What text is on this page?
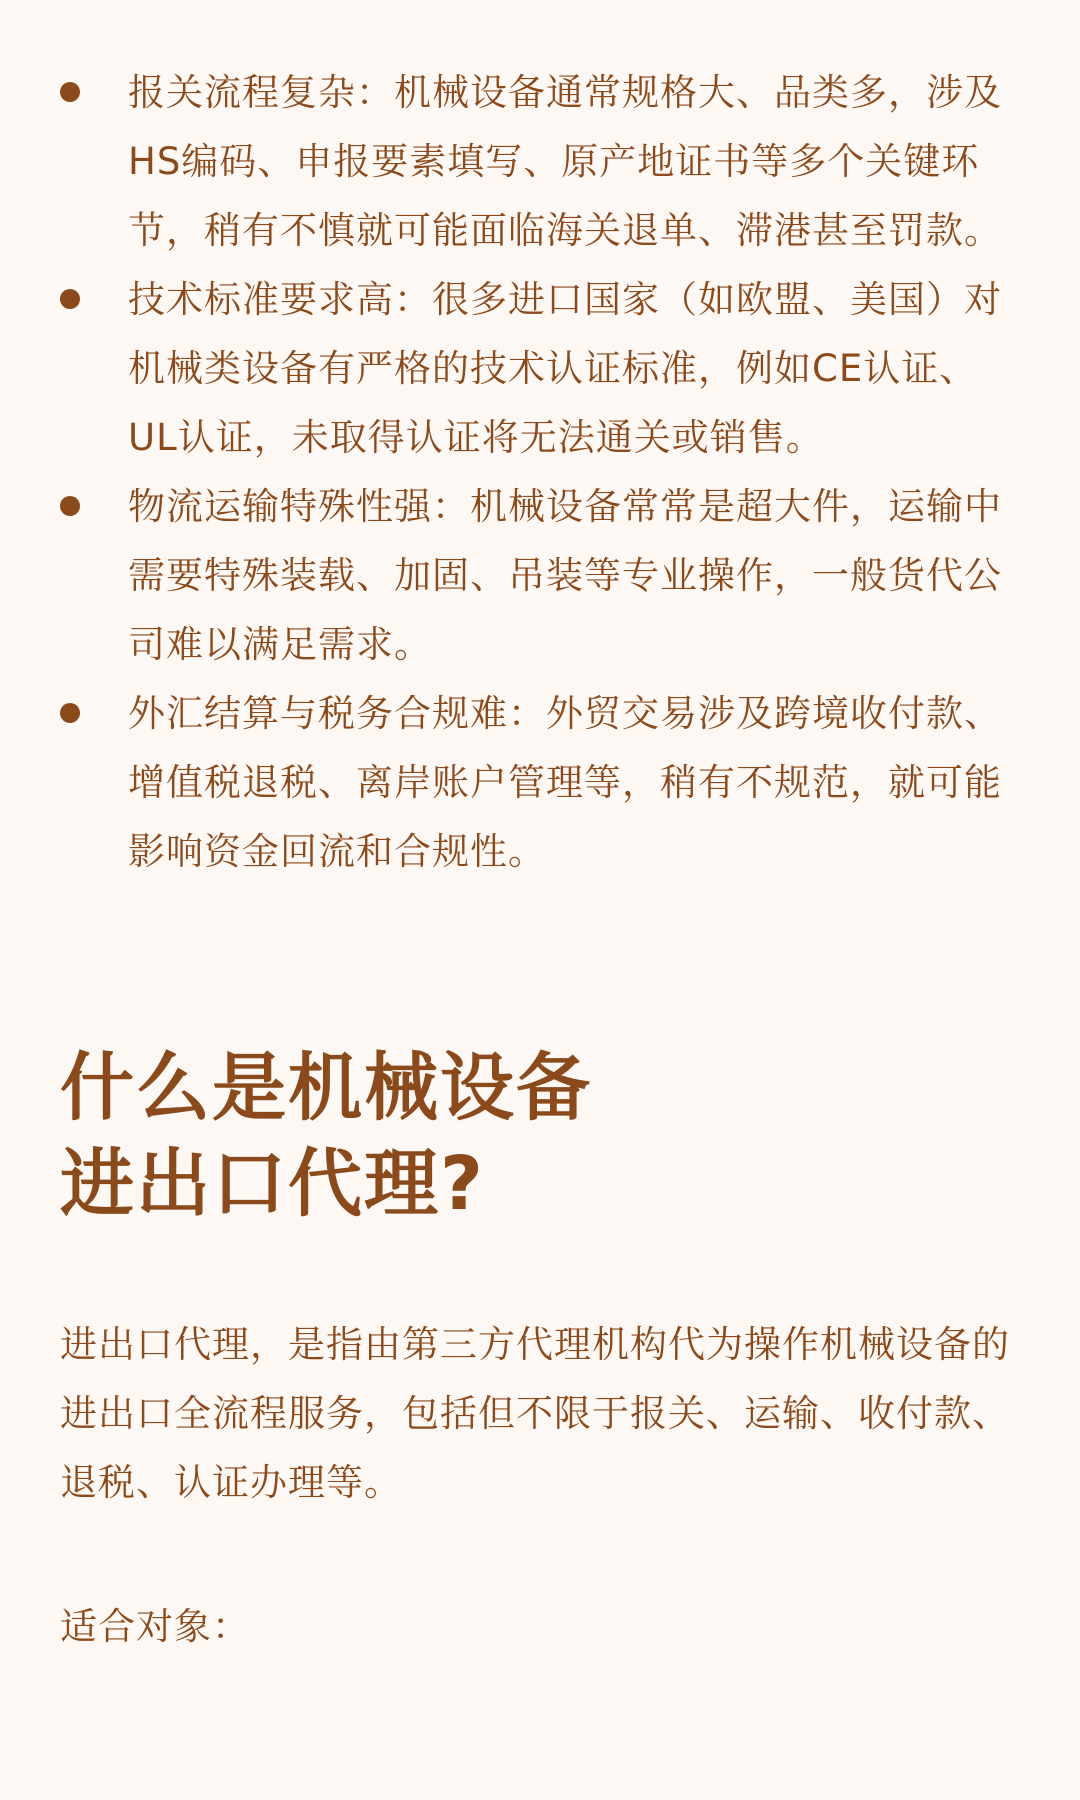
报关流程复杂：机械设备通常规格大、品类多，涉及HS编码、申报要素填写、原产地证书等多个关键环节，稍有不慎就可能面临海关退单、滞港甚至罚款。
技术标准要求高：很多进口国家（如欧盟、美国）对机械类设备有严格的技术认证标准，例如CE认证、UL认证，未取得认证将无法通关或销售。
物流运输特殊性强：机械设备常常是超大件，运输中需要特殊装载、加固、吊装等专业操作，一般货代公司难以满足需求。
外汇结算与税务合规难：外贸交易涉及跨境收付款、增值税退税、离岸账户管理等，稍有不规范，就可能影响资金回流和合规性。
什么是机械设备
进出口代理?

进出口代理，是指由第三方代理机构代为操作机械设备的进出口全流程服务，包括但不限于报关、运输、收付款、退税、认证办理等。

适合对象：
